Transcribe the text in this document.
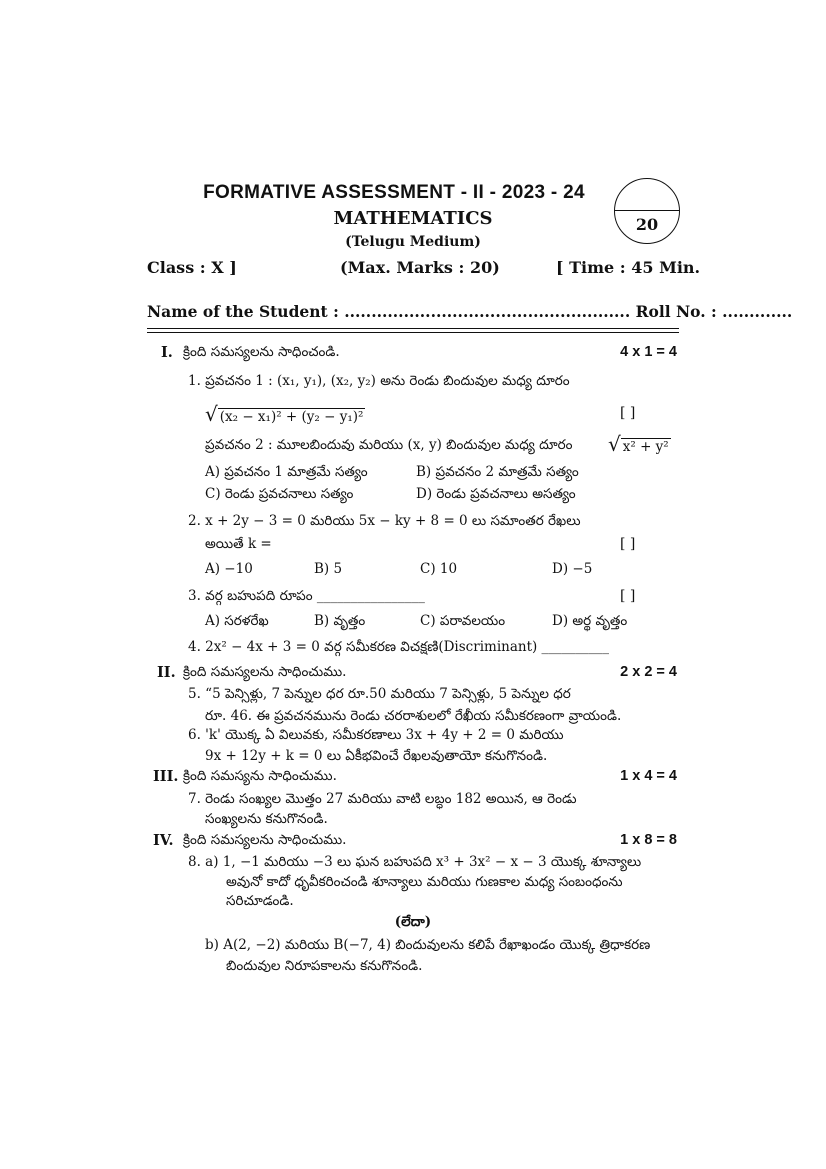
FORMATIVE ASSESSMENT - II - 2023 - 24
MATHEMATICS
(Telugu Medium)
20
Class : X ]	(Max. Marks : 20)	[ Time : 45 Min.
Name of the Student : ..................................................... Roll No. : .............
I. క్రింది సమస్యలను సాధించండి.	4 x 1 = 4
1. ప్రవచనం 1 : (x₁, y₁), (x₂, y₂) అను రెండు బిందువుల మధ్య దూరం
√ (x₂ − x₁)² + (y₂ − y₁)²	[ ]
ప్రవచనం 2 : మూలబిందువు మరియు (x, y) బిందువుల మధ్య దూరం √ x² + y²
A) ప్రవచనం 1 మాత్రమే సత్యం	B) ప్రవచనం 2 మాత్రమే సత్యం
C) రెండు ప్రవచనాలు సత్యం	D) రెండు ప్రవచనాలు అసత్యం
2. x + 2y − 3 = 0 మరియు 5x − ky + 8 = 0 లు సమాంతర రేఖలు
అయితే k =	[ ]
A) −10	B) 5	C) 10	D) −5
3. వర్గ బహుపది రూపం ________________	[ ]
A) సరళరేఖ	B) వృత్తం	C) పరావలయం	D) అర్థ వృత్తం
4. 2x² − 4x + 3 = 0 వర్గ సమీకరణ విచక్షణి(Discriminant) __________
II. క్రింది సమస్యలను సాధించుము.	2 x 2 = 4
5. “5 పెన్సిళ్లు, 7 పెన్నుల ధర రూ.50 మరియు 7 పెన్సిళ్లు, 5 పెన్నుల ధర
రూ. 46. ఈ ప్రవచనమును రెండు చరరాశులలో రేఖీయ సమీకరణంగా వ్రాయండి.
6. 'k' యొక్క ఏ విలువకు, సమీకరణాలు 3x + 4y + 2 = 0 మరియు
9x + 12y + k = 0 లు ఏకీభవించే రేఖలవుతాయో కనుగొనండి.
III. క్రింది సమస్యను సాధించుము.	1 x 4 = 4
7. రెండు సంఖ్యల మొత్తం 27 మరియు వాటి లబ్ధం 182 అయిన, ఆ రెండు
సంఖ్యలను కనుగొనండి.
IV. క్రింది సమస్యలను సాధించుము.	1 x 8 = 8
8. a) 1, −1 మరియు −3 లు ఘన బహుపది x³ + 3x² − x − 3 యొక్క శూన్యాలు
అవునో కాదో ధృవీకరించండి శూన్యాలు మరియు గుణకాల మధ్య సంబంధంను
సరిచూడండి.
(లేదా)
b) A(2, −2) మరియు B(−7, 4) బిందువులను కలిపే రేఖాఖండం యొక్క త్రిధాకరణ
బిందువుల నిరూపకాలను కనుగొనండి.
